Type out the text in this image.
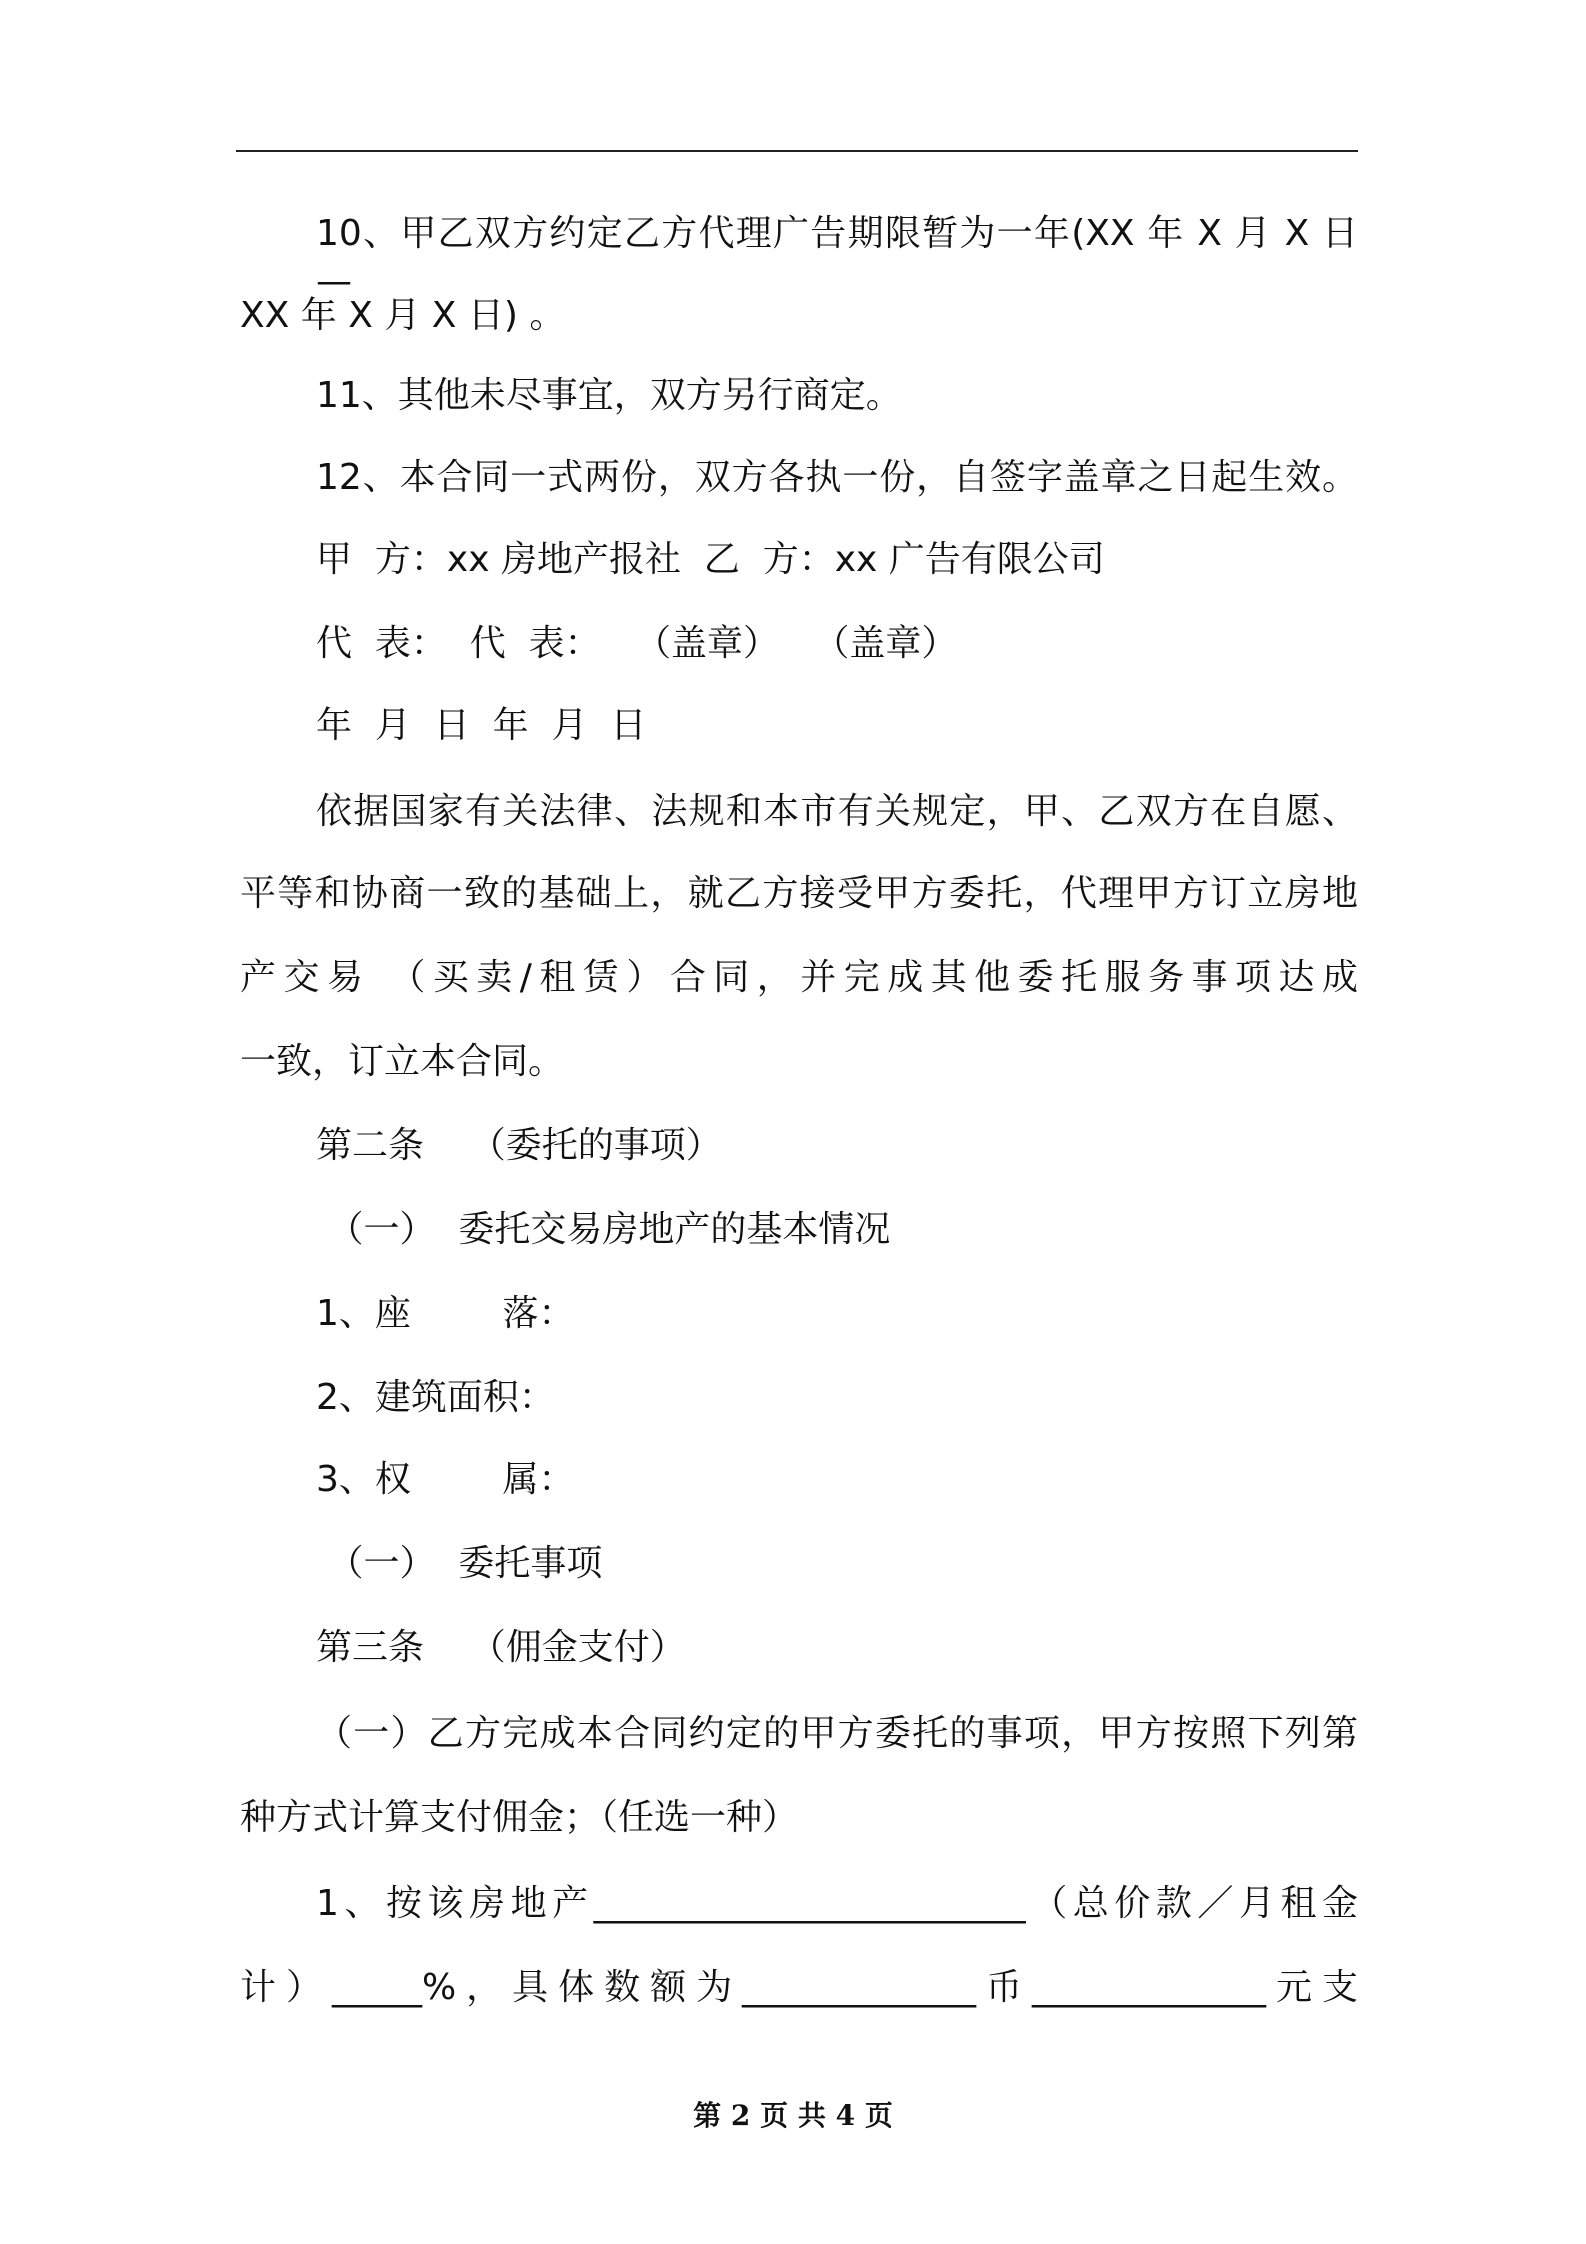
10、甲乙双方约定乙方代理广告期限暂为一年(XX 年 X 月 X 日—

XX 年 X 月 X 日) 。

11、其他未尽事宜，双方另行商定。

12、本合同一式两份，双方各执一份，自签字盖章之日起生效。

甲  方：xx 房地产报社  乙  方：xx 广告有限公司

代  表：  代  表：   （盖章）   （盖章）

年  月  日  年  月  日

依据国家有关法律、法规和本市有关规定，甲、乙双方在自愿、

平等和协商一致的基础上，就乙方接受甲方委托，代理甲方订立房地

产交易 （买卖/租赁）合同，并完成其他委托服务事项达成

一致，订立本合同。

第二条    （委托的事项）

（一）  委托交易房地产的基本情况

1、座        落：

2、建筑面积：

3、权        属：

（一）  委托事项

第三条    （佣金支付）

（一）乙方完成本合同约定的甲方委托的事项，甲方按照下列第

种方式计算支付佣金；（任选一种）

1、按该房地产________________________（总价款／月租金

计）_____%，具体数额为_____________币_____________元支

第 2 页 共 4 页
